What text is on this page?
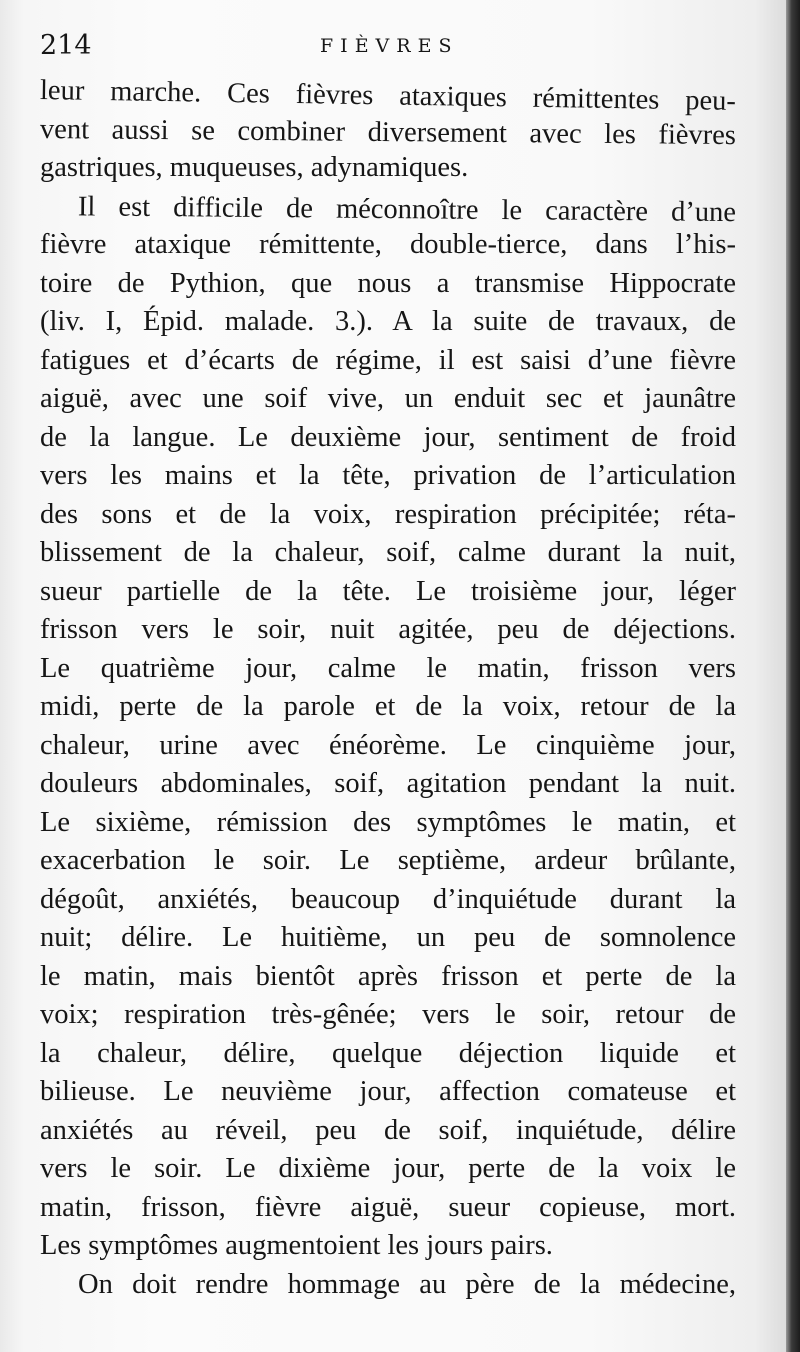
214	FIÈVRES
leur marche. Ces fièvres ataxiques rémittentes peu-
vent aussi se combiner diversement avec les fièvres
gastriques, muqueuses, adynamiques.
Il est difficile de méconnoître le caractère d’une
fièvre ataxique rémittente, double-tierce, dans l’his-
toire de Pythion, que nous a transmise Hippocrate
(liv. I, Épid. malade. 3.). A la suite de travaux, de
fatigues et d’écarts de régime, il est saisi d’une fièvre
aiguë, avec une soif vive, un enduit sec et jaunâtre
de la langue. Le deuxième jour, sentiment de froid
vers les mains et la tête, privation de l’articulation
des sons et de la voix, respiration précipitée; réta-
blissement de la chaleur, soif, calme durant la nuit,
sueur partielle de la tête. Le troisième jour, léger
frisson vers le soir, nuit agitée, peu de déjections.
Le quatrième jour, calme le matin, frisson vers
midi, perte de la parole et de la voix, retour de la
chaleur, urine avec énéorème. Le cinquième jour,
douleurs abdominales, soif, agitation pendant la nuit.
Le sixième, rémission des symptômes le matin, et
exacerbation le soir. Le septième, ardeur brûlante,
dégoût, anxiétés, beaucoup d’inquiétude durant la
nuit; délire. Le huitième, un peu de somnolence
le matin, mais bientôt après frisson et perte de la
voix; respiration très-gênée; vers le soir, retour de
la chaleur, délire, quelque déjection liquide et
bilieuse. Le neuvième jour, affection comateuse et
anxiétés au réveil, peu de soif, inquiétude, délire
vers le soir. Le dixième jour, perte de la voix le
matin, frisson, fièvre aiguë, sueur copieuse, mort.
Les symptômes augmentoient les jours pairs.
On doit rendre hommage au père de la médecine,
